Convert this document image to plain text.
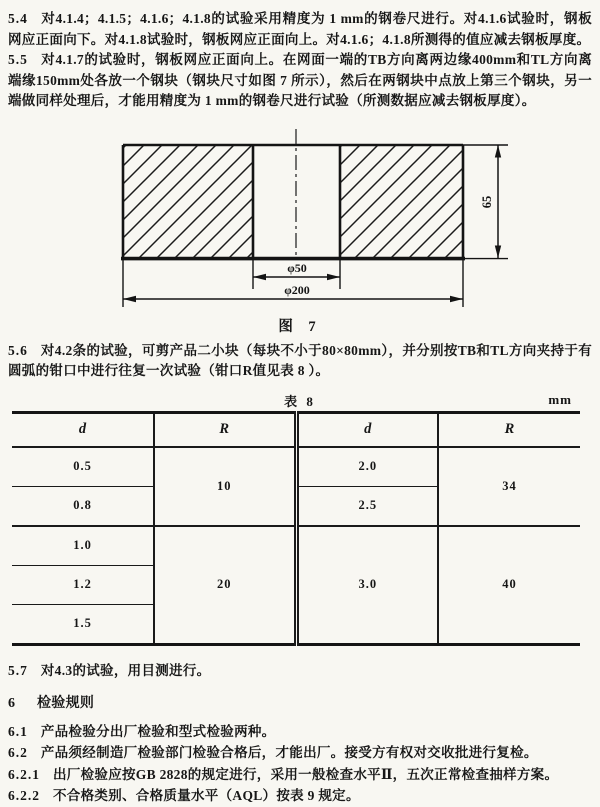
5.4 对4.1.4；4.1.5；4.1.6；4.1.8的试验采用精度为 1 mm的钢卷尺进行。对4.1.6试验时，钢板网应正面向下。对4.1.8试验时，钢板网应正面向上。对4.1.6；4.1.8所测得的值应减去钢板厚度。

5.5 对4.1.7的试验时，钢板网应正面向上。在网面一端的TB方向离两边缘400mm和TL方向离端缘150mm处各放一个钢块（钢块尺寸如图 7 所示），然后在两钢块中点放上第三个钢块，另一端做同样处理后，才能用精度为 1 mm的钢卷尺进行试验（所测数据应减去钢板厚度）。

65
φ50
φ200
图 7

5.6 对4.2条的试验，可剪产品二小块（每块不小于80×80mm），并分别按TB和TL方向夹持于有圆弧的钳口中进行往复一次试验（钳口R值见表 8 ）。

表 8	mm
d	R	d	R
0.5	10	2.0	34
0.8		2.5	
1.0	20	3.0	40
1.2			
1.5			

5.7 对4.3的试验，用目测进行。

6 检验规则

6.1 产品检验分出厂检验和型式检验两种。

6.2 产品须经制造厂检验部门检验合格后，才能出厂。接受方有权对交收批进行复检。

6.2.1 出厂检验应按GB 2828的规定进行，采用一般检查水平Ⅱ，五次正常检查抽样方案。

6.2.2 不合格类别、合格质量水平（AQL）按表 9 规定。
